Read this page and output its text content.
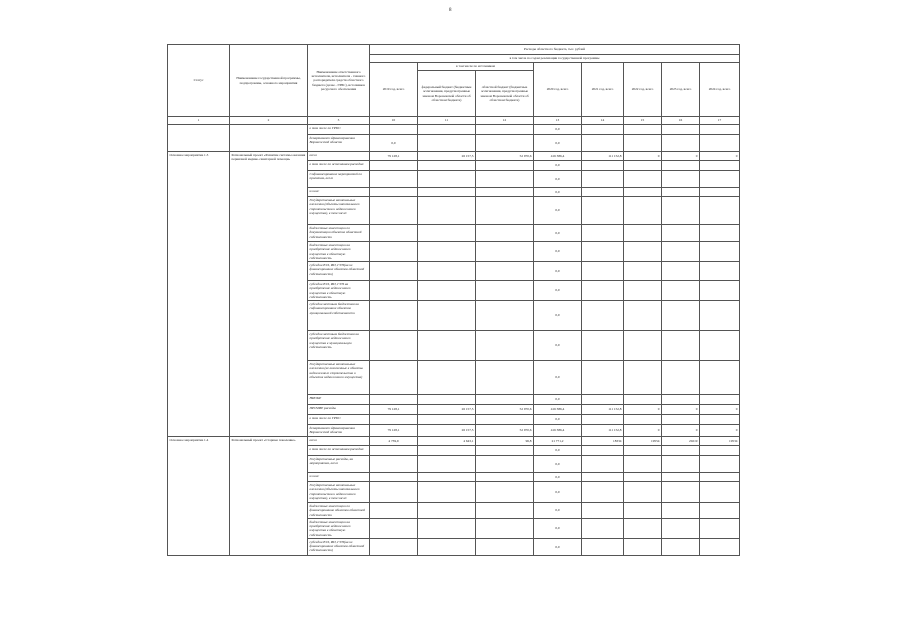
8
Статус	Наименование государственной программы, подпрограммы, основного мероприятия	Наименование ответственного исполнителя, исполнителя - главного распорядителя средств областного бюджета (далее - ГРБС), источников ресурсного обеспечения	Расходы областного бюджета, тыс. рублей							
			в том числе по годам реализации государственной программы							
			2019 год, всего	в том числе по источникам		2020 год, всего	2021 год, всего	2022 год, всего	2023 год, всего	2024 год, всего
				федеральный бюджет (бюджетные ассигнования, предусмотренные законом Воронежской области об областном бюджете)	областной бюджет (бюджетные ассигнования, предусмотренные законом Воронежской области об областном бюджете)					
1	2	3	10	11	12	13	14	15	16	17
		в том числе по ГРБС:				0,0				
		департамент здравоохранения Воронежской области	0,0			0,0				
Основное мероприятие 1.3	Региональный проект «Развитие системы оказания первичной медико-санитарной помощи»	всего	79 128,1	26 157,5	52 970,6	416 386,4	111 152,8	0	0	0
		в том числе по источникам расходов:				0,0				
		Софинансирование мероприятий по проектам, всего				0,0				
		из них:				0,0				
		Государственные капитальные вложения (объекты капитального строительства и недвижимого имущества), в том числе:				0,0				
		бюджетные инвестиции по документации объектов областной собственности				0,0				
		бюджетные инвестиции на приобретение недвижимого имущества в областную собственность				0,0				
		субсидии ЮЛ, ИП, ГУП(на их финансирование объектов областной собственности)				0,0				
		субсидии ЮЛ, ИП, ГУП на приобретение недвижимого имущества в областную собственность				0,0				
		субсидии местным бюджетам на софинансирование объектов муниципальной собственности				0,0				
		субсидии местным бюджетам на приобретение недвижимого имущества в муниципальную собственность				0,0				
		Государственные капитальные вложения (не включенные в объекты недвижимого строительства и объектов недвижимого имущества)				0,0				
		НИОКР				0,0				
		ПРОЧИЕ расходы	79 128,1	26 157,5	52 970,6	416 386,4	111 152,8	0	0	0
		в том числе по ГРБС:				0,0				
		департамент здравоохранения Воронежской области	79 128,1	26 157,5	52 970,6	416 386,4	111 152,8	0	0	0
Основное мероприятие 1.4	Региональный проект «Старшее поколение»	всего	4 739,9	4 643,1	96,8	21 771,2	18334	19554	20219	19534
		в том числе по источникам расходов:				0,0				
		Государственные расходы, на мероприятия, всего				0,0				
		из них:				0,0				
		Государственные капитальные вложения (объекты капитального строительства и недвижимого имущества), в том числе:				0,0				
		бюджетные инвестиции по финансированию объектов областной собственности				0,0				
		бюджетные инвестиции на приобретение недвижимого имущества в областную собственность				0,0				
		субсидии ЮЛ, ИП, ГУП(на их финансирование объектов областной собственности)				0,0				
